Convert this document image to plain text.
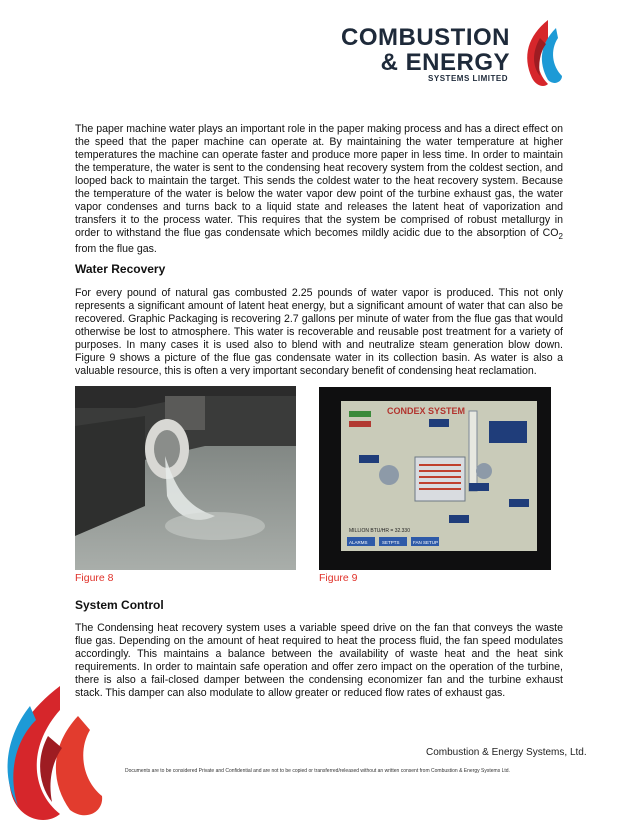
COMBUSTION
& ENERGY
SYSTEMS LIMITED
The paper machine water plays an important role in the paper making process and has a direct effect on the speed that the paper machine can operate at. By maintaining the water temperature at higher temperatures the machine can operate faster and produce more paper in less time. In order to maintain the temperature, the water is sent to the condensing heat recovery system from the coldest section, and looped back to maintain the target. This sends the coldest water to the heat recovery system. Because the temperature of the water is below the water vapor dew point of the turbine exhaust gas, the water vapor condenses and turns back to a liquid state and releases the latent heat of vaporization and transfers it to the process water. This requires that the system be comprised of robust metallurgy in order to withstand the flue gas condensate which becomes mildly acidic due to the absorption of $CO_2$ from the flue gas.
Water Recovery
For every pound of natural gas combusted 2.25 pounds of water vapor is produced. This not only represents a significant amount of latent heat energy, but a significant amount of water that can also be recovered. Graphic Packaging is recovering 2.7 gallons per minute of water from the flue gas that would otherwise be lost to atmosphere. This water is recoverable and reusable post treatment for a variety of purposes. In many cases it is used also to blend with and neutralize steam generation blow down. Figure 9 shows a picture of the flue gas condensate water in its collection basin. As water is also a valuable resource, this is often a very important secondary benefit of condensing heat reclamation.
Figure 8
CONDEX SYSTEM
MILLION BTU/HR = 32.330
ALARMS	SETPTS	FAN SETUP
Figure 9
System Control
The Condensing heat recovery system uses a variable speed drive on the fan that conveys the waste flue gas. Depending on the amount of heat required to heat the process fluid, the fan speed modulates accordingly. This maintains a balance between the availability of waste heat and the heat sink requirements. In order to maintain safe operation and offer zero impact on the operation of the turbine, there is also a fail-closed damper between the condensing economizer fan and the turbine exhaust stack. This damper can also modulate to allow greater or reduced flow rates of exhaust gas.
Combustion & Energy Systems, Ltd.
Documents are to be considered Private and Confidential and are not to be copied or transferred/released without an written consent from Combustion & Energy Systems Ltd.
